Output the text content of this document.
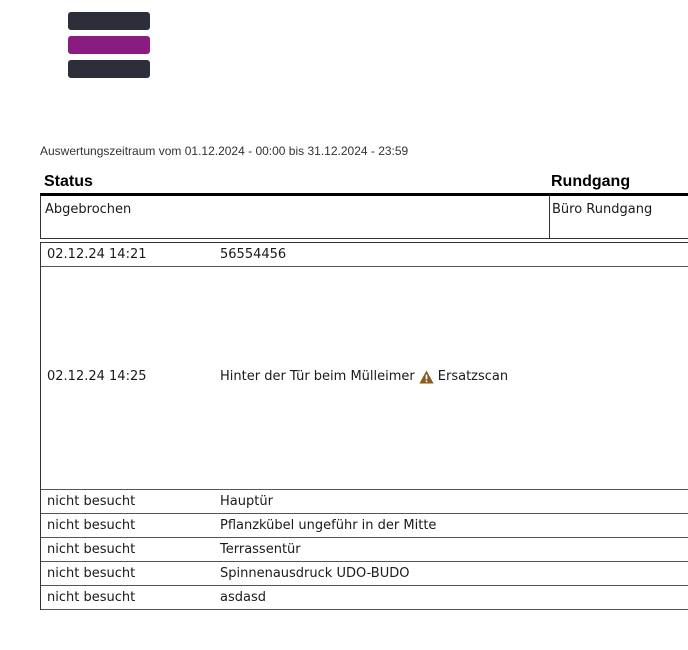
Auswertungszeitraum vom 01.12.2024 - 00:00 bis 31.12.2024 - 23:59
Status	Rundgang
Abgebrochen	Büro Rundgang
02.12.24 14:21	56554456
02.12.24 14:25	Hinter der Tür beim Mülleimer Ersatzscan
nicht besucht	Hauptür
nicht besucht	Pflanzkübel ungeführ in der Mitte
nicht besucht	Terrassentür
nicht besucht	Spinnenausdruck UDO-BUDO
nicht besucht	asdasd
